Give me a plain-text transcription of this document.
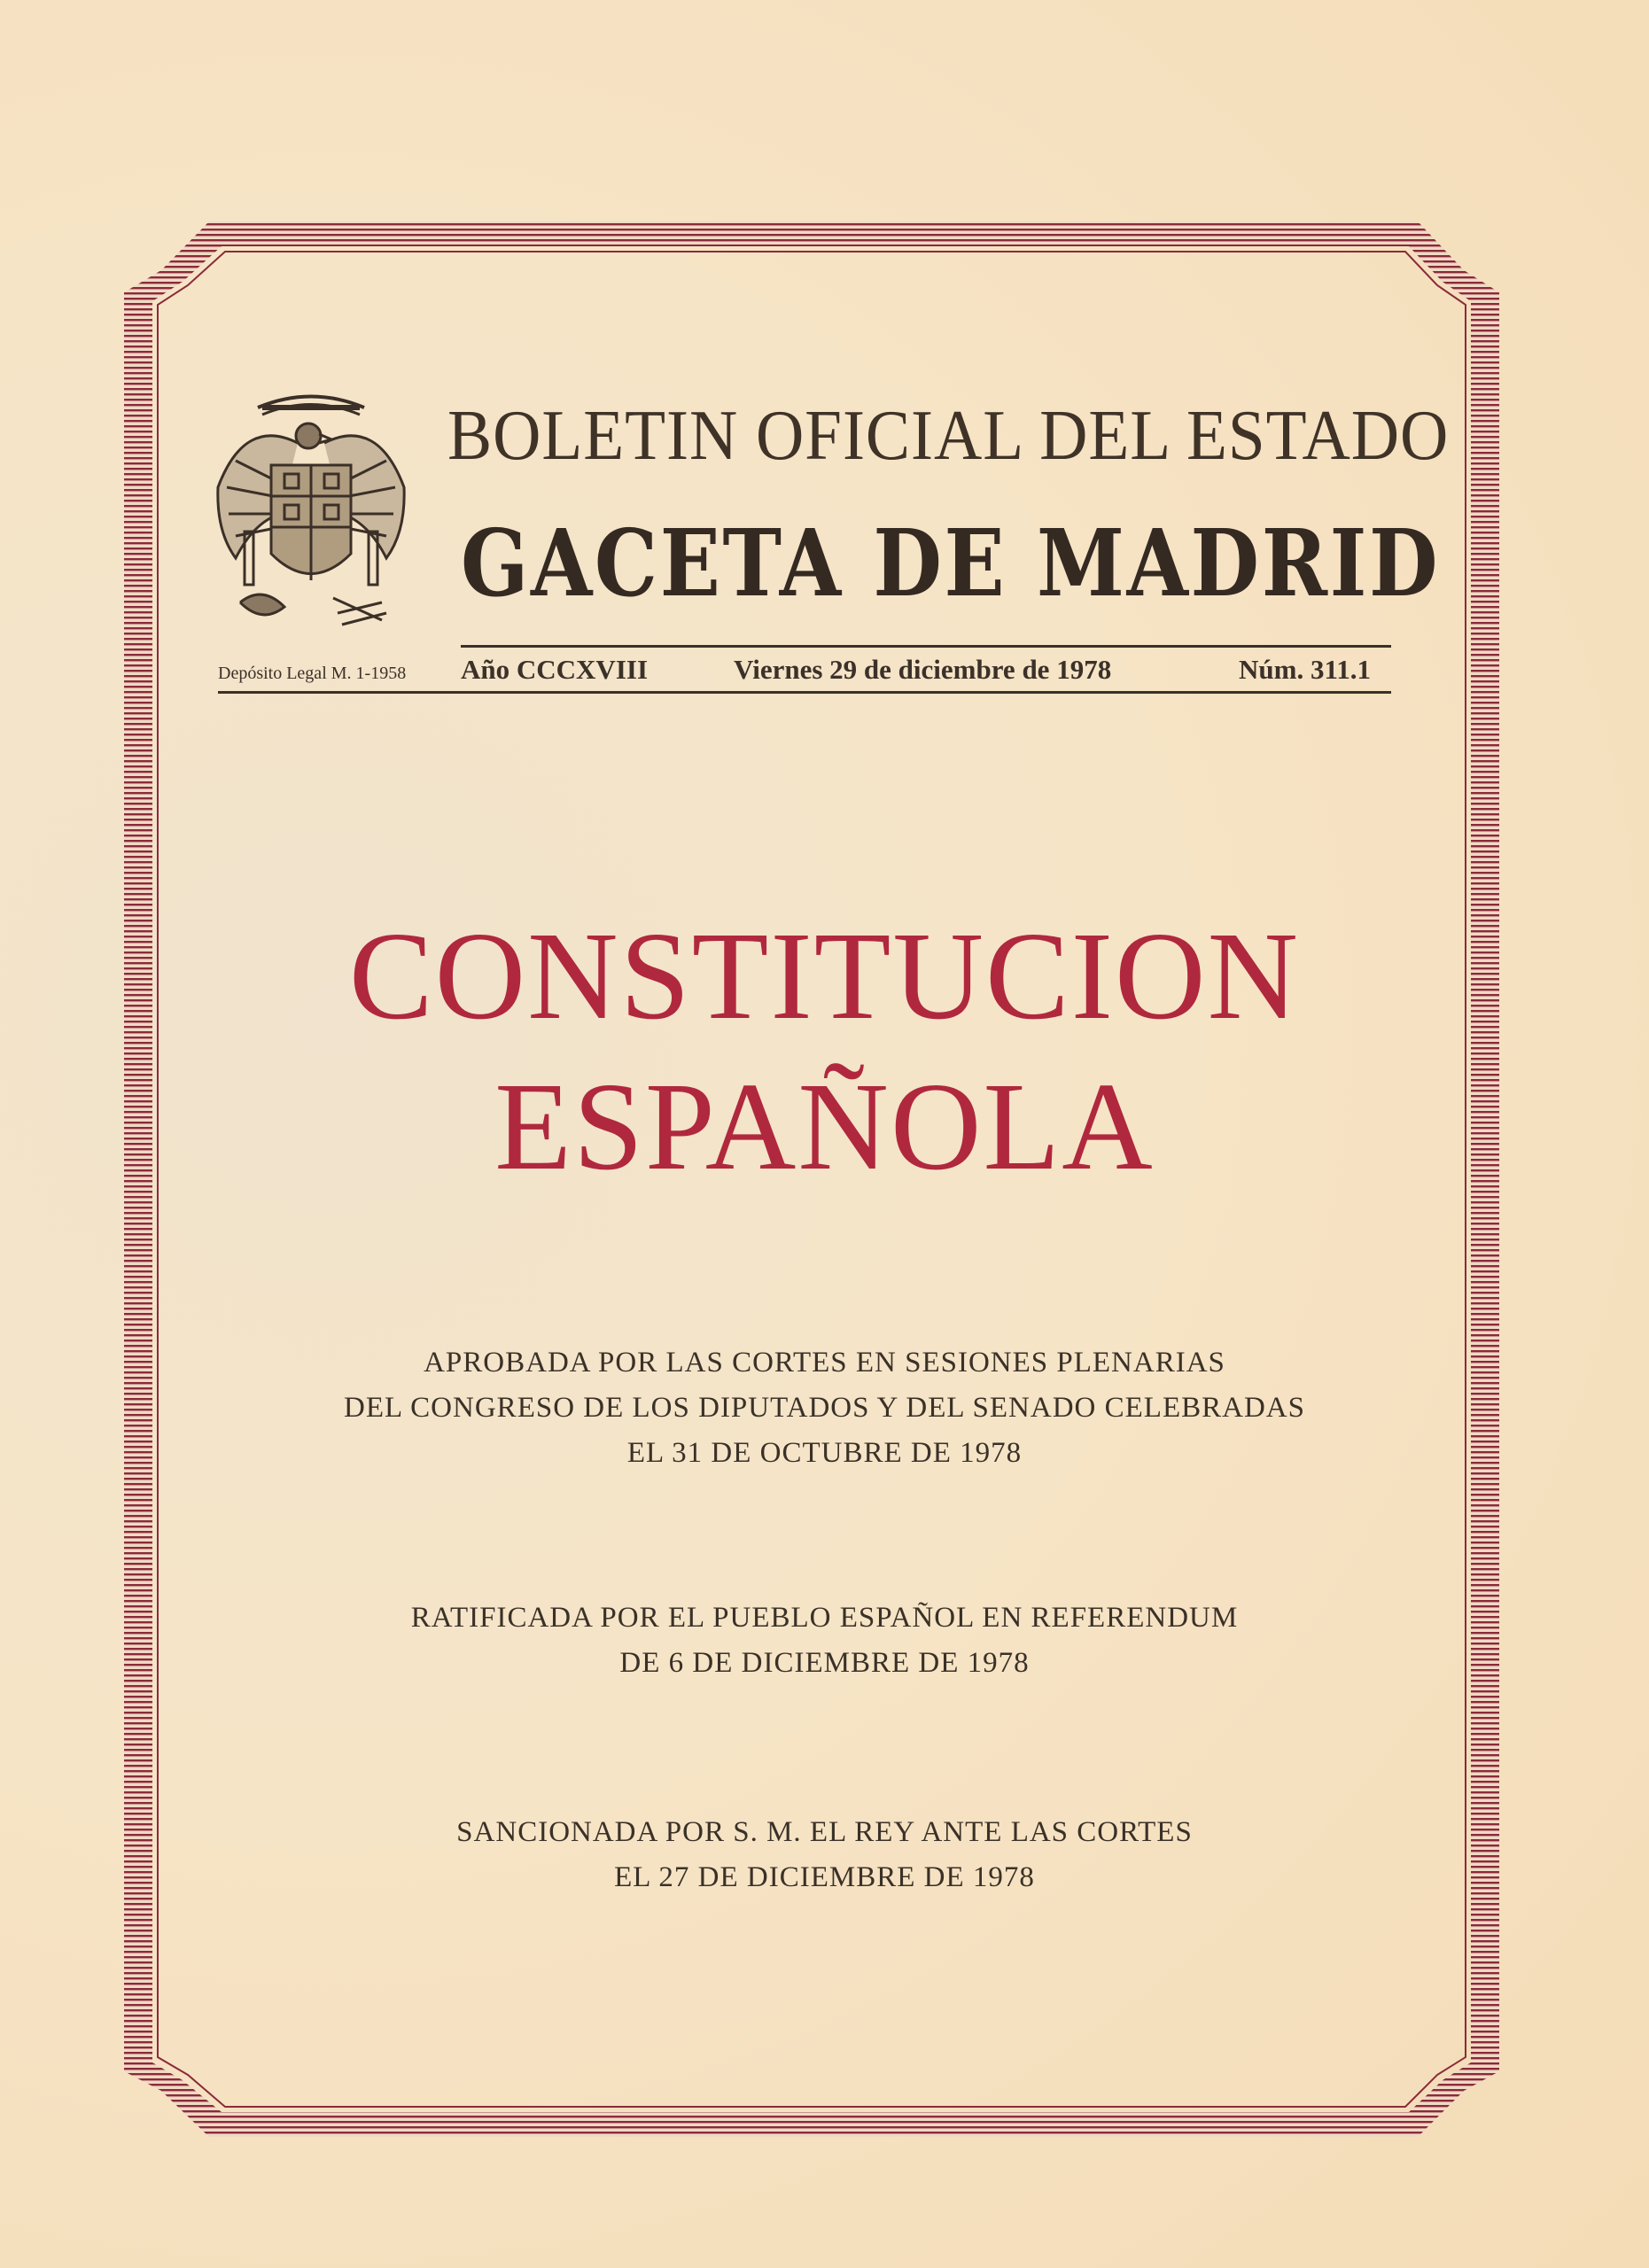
BOLETIN OFICIAL DEL ESTADO
GACETA DE MADRID
Depósito Legal M. 1-1958 Año CCCXVIII	Viernes 29 de diciembre de 1978	Núm. 311.1
CONSTITUCION
ESPAÑOLA
APROBADA POR LAS CORTES EN SESIONES PLENARIAS
DEL CONGRESO DE LOS DIPUTADOS Y DEL SENADO CELEBRADAS
EL 31 DE OCTUBRE DE 1978
RATIFICADA POR EL PUEBLO ESPAÑOL EN REFERENDUM
DE 6 DE DICIEMBRE DE 1978
SANCIONADA POR S. M. EL REY ANTE LAS CORTES
EL 27 DE DICIEMBRE DE 1978
